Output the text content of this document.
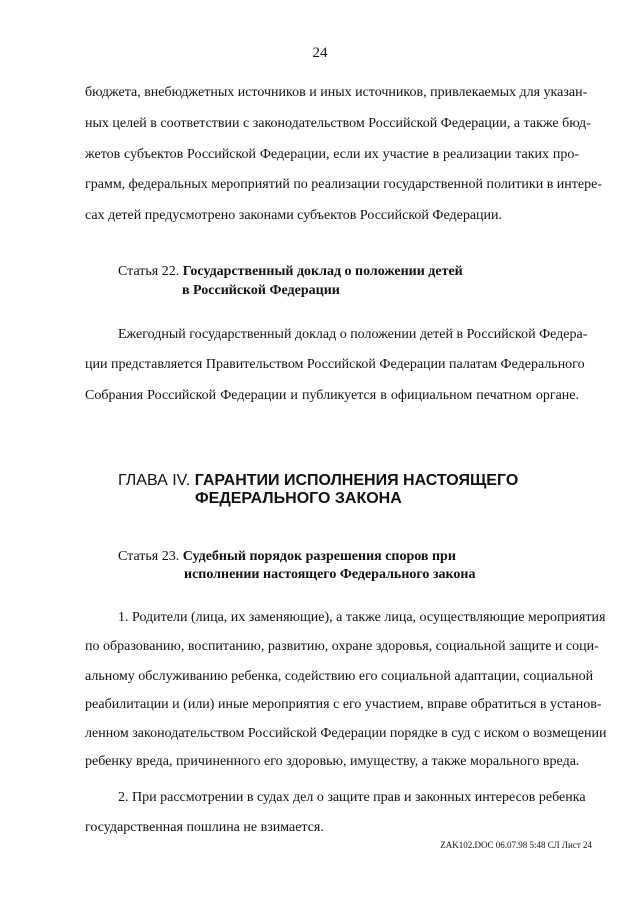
24
бюджета, внебюджетных источников и иных источников, привлекаемых для указан-
ных целей в соответствии с законодательством Российской Федерации, а также бюд-
жетов субъектов Российской Федерации, если их участие в реализации таких про-
грамм, федеральных мероприятий по реализации государственной политики в интере-
сах детей предусмотрено законами субъектов Российской Федерации.
Статья 22. Государственный доклад о положении детей
в Российской Федерации
Ежегодный государственный доклад о положении детей в Российской Федера-
ции представляется Правительством Российской Федерации палатам Федерального
Собрания Российской Федерации и публикуется в официальном печатном органе.
ГЛАВА IV. ГАРАНТИИ ИСПОЛНЕНИЯ НАСТОЯЩЕГО
ФЕДЕРАЛЬНОГО ЗАКОНА
Статья 23. Судебный порядок разрешения споров при
исполнении настоящего Федерального закона
1. Родители (лица, их заменяющие), а также лица, осуществляющие мероприятия
по образованию, воспитанию, развитию, охране здоровья, социальной защите и соци-
альному обслуживанию ребенка, содействию его социальной адаптации, социальной
реабилитации и (или) иные мероприятия с его участием, вправе обратиться в установ-
ленном законодательством Российской Федерации порядке в суд с иском о возмещении
ребенку вреда, причиненного его здоровью, имуществу, а также морального вреда.
2. При рассмотрении в судах дел о защите прав и законных интересов ребенка
государственная пошлина не взимается.
ZAK102.DOC 06.07.98 5:48 СЛ Лист 24
